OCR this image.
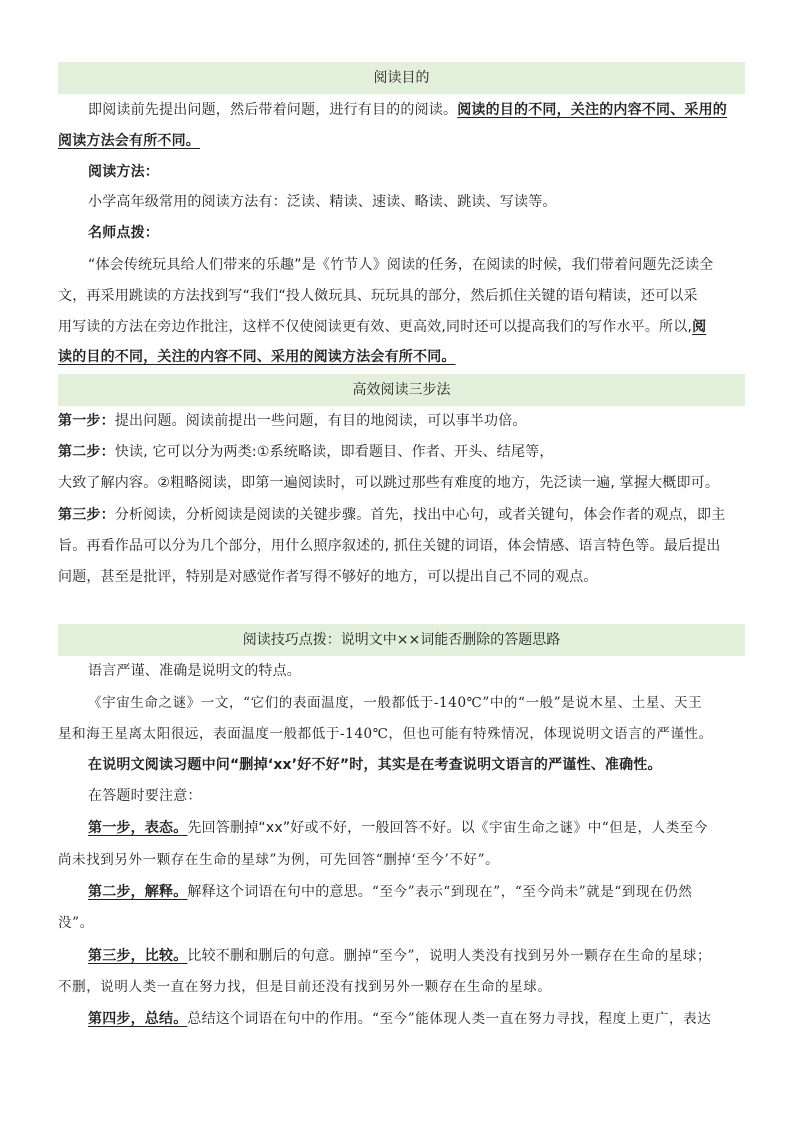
阅读目的
即阅读前先提出问题，然后带着问题，进行有目的的阅读。阅读的目的不同，关注的内容不同、采用的
阅读方法会有所不同。
阅读方法：
小学高年级常用的阅读方法有：泛读、精读、速读、略读、跳读、写读等。
名师点拨：
“体会传统玩具给人们带来的乐趣”是《竹节人》阅读的任务，在阅读的时候，我们带着问题先泛读全
文，再采用跳读的方法找到写“我们“投人傚玩具、玩玩具的部分，然后抓住关键的语句精读，还可以采
用写读的方法在旁边作批注，这样不仅使阅读更有效、更高效,同时还可以提高我们的写作水平。所以,阅
读的目的不同，关注的内容不同、采用的阅读方法会有所不同。
高效阅读三步法
第一步：提出问题。阅读前提出一些问题，有目的地阅读，可以事半功倍。
第二步：快读, 它可以分为两类:①系统略读，即看题目、作者、开头、结尾等，
大致了解内容。②粗略阅读，即第一遍阅读时，可以跳过那些有难度的地方，先泛读一遍, 掌握大概即可。
第三步：分析阅读，分析阅读是阅读的关键步骤。首先，找出中心句，或者关键句，体会作者的观点，即主
旨。再看作品可以分为几个部分，用什么照序叙述的, 抓住关键的词语，体会情感、语言特色等。最后提出
问题，甚至是批评，特别是对感觉作者写得不够好的地方，可以提出自己不同的观点。
阅读技巧点拨：说明文中××词能否删除的答题思路
语言严谨、准确是说明文的特点。
《宇宙生命之谜》一文，“它们的表面温度，一般都低于-140℃”中的“一般”是说木星、土星、天王
星和海王星离太阳很远，表面温度一般都低于-140℃，但也可能有特殊情况，体现说明文语言的严谨性。
在说明文阅读习题中问“删掉‘xx’好不好”时，其实是在考查说明文语言的严谨性、准确性。
在答题时要注意：
第一步，表态。先回答删掉“xx”好或不好，一般回答不好。以《宇宙生命之谜》中“但是，人类至今
尚未找到另外一颗存在生命的星球”为例，可先回答“删掉‘至今’不好”。
第二步，解释。解释这个词语在句中的意思。“至今”表示“到现在”，“至今尚未”就是“到现在仍然
没”。
第三步，比较。比较不删和删后的句意。删掉“至今”，说明人类没有找到另外一颗存在生命的星球；
不删，说明人类一直在努力找，但是目前还没有找到另外一颗存在生命的星球。
第四步，总结。总结这个词语在句中的作用。“至今”能体现人类一直在努力寻找，程度上更广，表达
